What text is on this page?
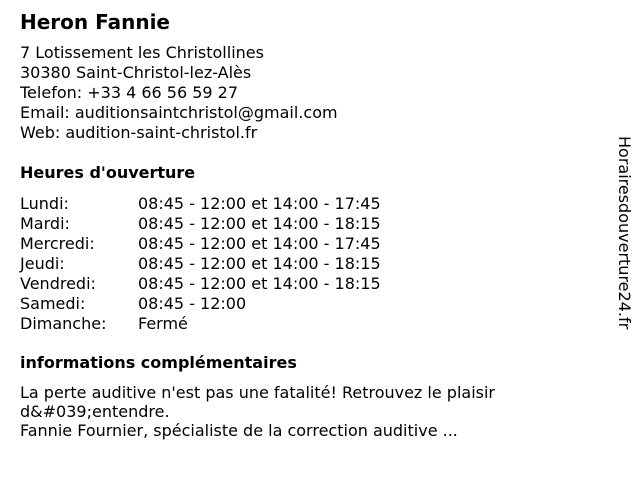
Heron Fannie
7 Lotissement les Christollines
30380 Saint-Christol-lez-Alès
Telefon: +33 4 66 56 59 27
Email: auditionsaintchristol@gmail.com
Web: audition-saint-christol.fr
Heures d'ouverture
Lundi:	08:45 - 12:00 et 14:00 - 17:45
Mardi:	08:45 - 12:00 et 14:00 - 18:15
Mercredi:	08:45 - 12:00 et 14:00 - 17:45
Jeudi:	08:45 - 12:00 et 14:00 - 18:15
Vendredi:	08:45 - 12:00 et 14:00 - 18:15
Samedi:	08:45 - 12:00
Dimanche: Fermé
informations complémentaires

La perte auditive n'est pas une fatalité! Retrouvez le plaisir d&#039;entendre.

Fannie Fournier, spécialiste de la correction auditive ...

Horairesdouverture24.fr
